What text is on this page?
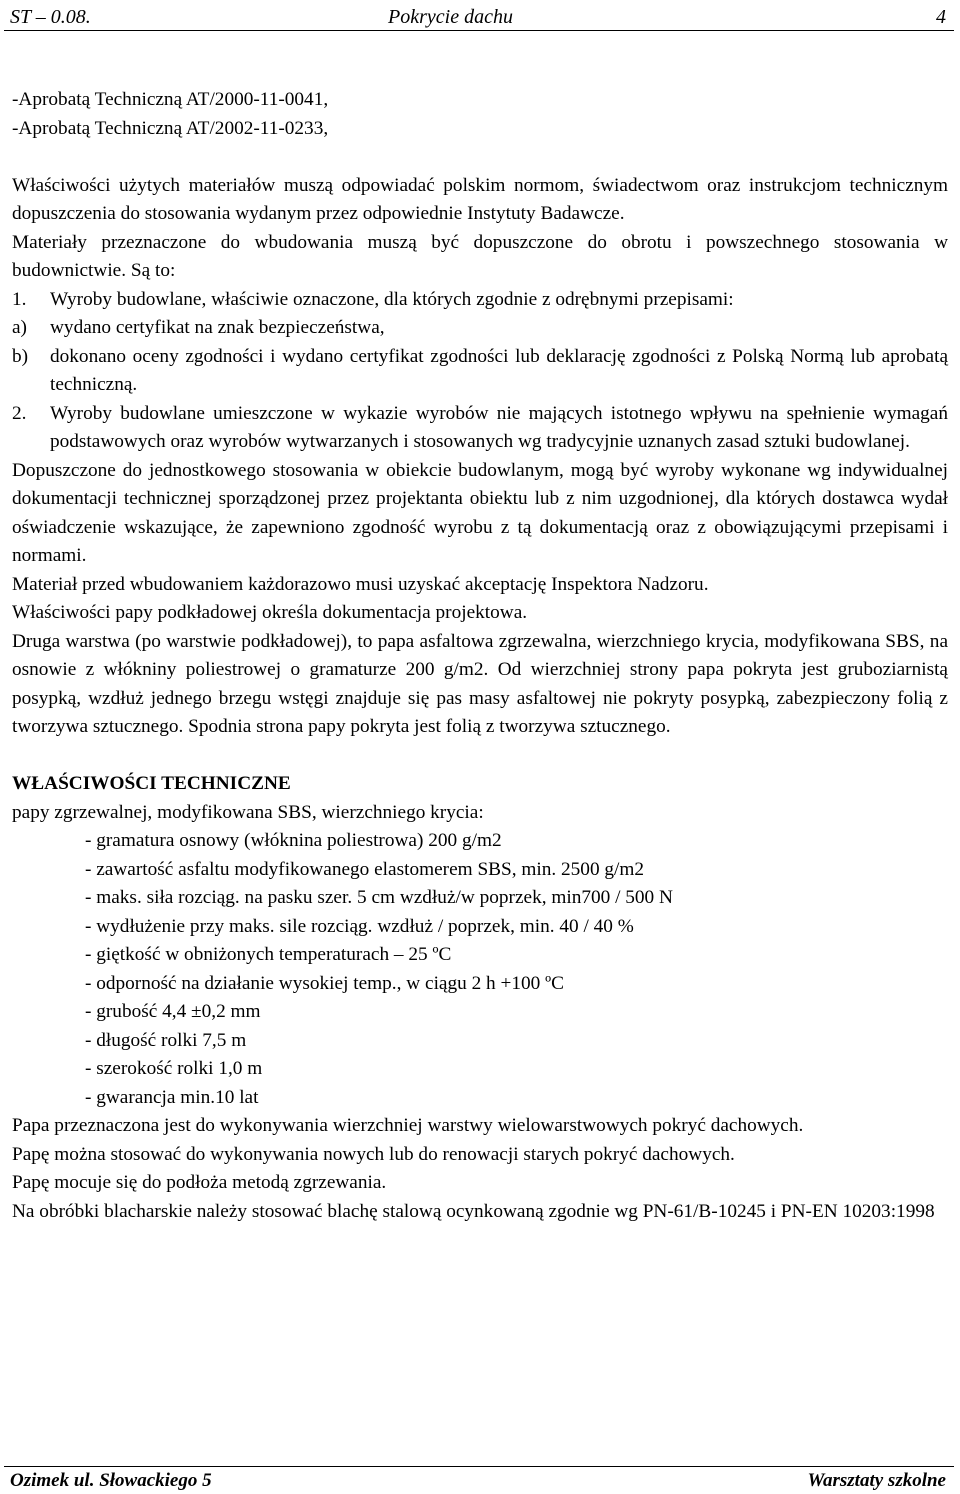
ST – 0.08.	Pokrycie dachu	4

-Aprobatą Techniczną AT/2000-11-0041,

-Aprobatą Techniczną AT/2002-11-0233,

Właściwości użytych materiałów muszą odpowiadać polskim normom, świadectwom oraz instrukcjom technicznym dopuszczenia do stosowania wydanym przez odpowiednie Instytuty Badawcze.

Materiały przeznaczone do wbudowania muszą być dopuszczone do obrotu i powszechnego stosowania w budownictwie. Są to:

1.	Wyroby budowlane, właściwie oznaczone, dla których zgodnie z odrębnymi przepisami:
a)	wydano certyfikat na znak bezpieczeństwa,
b)	dokonano oceny zgodności i wydano certyfikat zgodności lub deklarację zgodności z Polską Normą lub aprobatą techniczną.
2.	Wyroby budowlane umieszczone w wykazie wyrobów nie mających istotnego wpływu na spełnienie wymagań podstawowych oraz wyrobów wytwarzanych i stosowanych wg tradycyjnie uznanych zasad sztuki budowlanej.

Dopuszczone do jednostkowego stosowania w obiekcie budowlanym, mogą być wyroby wykonane wg indywidualnej dokumentacji technicznej sporządzonej przez projektanta obiektu lub z nim uzgodnionej, dla których dostawca wydał oświadczenie wskazujące, że zapewniono zgodność wyrobu z tą dokumentacją oraz z obowiązującymi przepisami i normami.

Materiał przed wbudowaniem każdorazowo musi uzyskać akceptację Inspektora Nadzoru.

Właściwości papy podkładowej określa dokumentacja projektowa.

Druga warstwa (po warstwie podkładowej), to papa asfaltowa zgrzewalna, wierzchniego krycia, modyfikowana SBS, na osnowie z włókniny poliestrowej o gramaturze 200 g/m2. Od wierzchniej strony papa pokryta jest gruboziarnistą posypką, wzdłuż jednego brzegu wstęgi znajduje się pas masy asfaltowej nie pokryty posypką, zabezpieczony folią z tworzywa sztucznego. Spodnia strona papy pokryta jest folią z tworzywa sztucznego.

WŁAŚCIWOŚCI TECHNICZNE

papy zgrzewalnej, modyfikowana SBS, wierzchniego krycia:

- gramatura osnowy (włóknina poliestrowa) 200 g/m2

- zawartość asfaltu modyfikowanego elastomerem SBS, min. 2500 g/m2

- maks. siła rozciąg. na pasku szer. 5 cm wzdłuż/w poprzek, min700 / 500 N

- wydłużenie przy maks. sile rozciąg. wzdłuż / poprzek, min. 40 / 40 %

- giętkość w obniżonych temperaturach – 25 ºC

- odporność na działanie wysokiej temp., w ciągu 2 h +100 ºC

- grubość 4,4 ±0,2 mm

- długość rolki 7,5 m

- szerokość rolki 1,0 m

- gwarancja min.10 lat

Papa przeznaczona jest do wykonywania wierzchniej warstwy wielowarstwowych pokryć dachowych.

Papę można stosować do wykonywania nowych lub do renowacji starych pokryć dachowych.

Papę mocuje się do podłoża metodą zgrzewania.

Na obróbki blacharskie należy stosować blachę stalową ocynkowaną zgodnie wg PN-61/B-10245 i PN-EN 10203:1998

Ozimek ul. Słowackiego 5	Warsztaty szkolne
